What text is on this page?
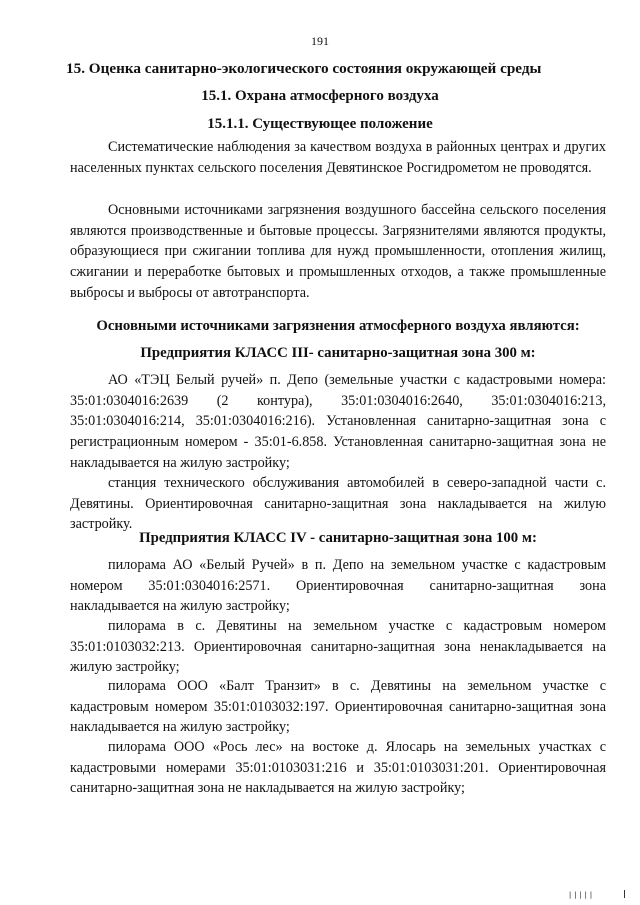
191
15. Оценка санитарно-экологического состояния окружающей среды
15.1. Охрана атмосферного воздуха
15.1.1. Существующее положение
Систематические наблюдения за качеством воздуха в районных центрах и других населенных пунктах сельского поселения Девятинское Росгидрометом не проводятся.
Основными источниками загрязнения воздушного бассейна сельского поселения являются производственные и бытовые процессы. Загрязнителями являются продукты, образующиеся при сжигании топлива для нужд промышленности, отопления жилищ, сжигании и переработке бытовых и промышленных отходов, а также промышленные выбросы и выбросы от автотранспорта.
Основными источниками загрязнения атмосферного воздуха являются:
Предприятия КЛАСС III- санитарно-защитная зона 300 м:
АО «ТЭЦ Белый ручей» п. Депо (земельные участки с кадастровыми номера: 35:01:0304016:2639 (2 контура), 35:01:0304016:2640, 35:01:0304016:213, 35:01:0304016:214, 35:01:0304016:216). Установленная санитарно-защитная зона с регистрационным номером - 35:01-6.858. Установленная санитарно-защитная зона не накладывается на жилую застройку;
станция технического обслуживания автомобилей в северо-западной части с. Девятины. Ориентировочная санитарно-защитная зона накладывается на жилую застройку.
Предприятия КЛАСС IV - санитарно-защитная зона 100 м:
пилорама АО «Белый Ручей» в п. Депо на земельном участке с кадастровым номером 35:01:0304016:2571. Ориентировочная санитарно-защитная зона накладывается на жилую застройку;
пилорама в с. Девятины на земельном участке с кадастровым номером 35:01:0103032:213. Ориентировочная санитарно-защитная зона ненакладывается на жилую застройку;
пилорама ООО «Балт Транзит» в с. Девятины на земельном участке с кадастровым номером 35:01:0103032:197. Ориентировочная санитарно-защитная зона накладывается на жилую застройку;
пилорама ООО «Рось лес» на востоке д. Ялосарь на земельных участках с кадастровыми номерами 35:01:0103031:216 и 35:01:0103031:201. Ориентировочная санитарно-защитная зона не накладывается на жилую застройку;
|||||
